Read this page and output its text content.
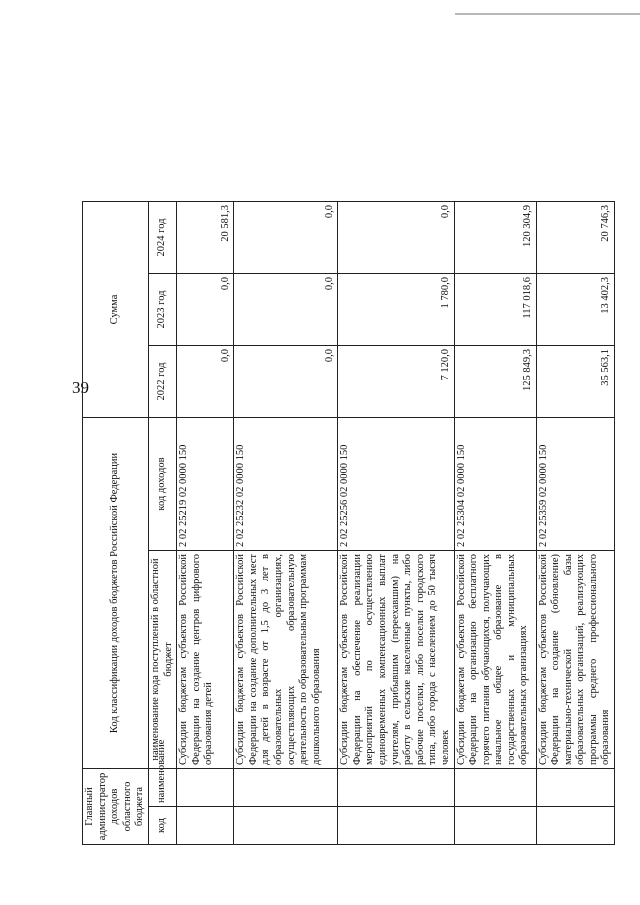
39
Главный администратор доходов областного бюджета		Код классификации доходов бюджетов Российской Федерации		Сумма			
код	наименование	наименование кода поступлений в областной бюджет	код доходов	2022 год	2023 год	2024 год	
		Субсидии бюджетам субъектов Российской Федерации на создание центров цифрового образования детей	2 02 25219 02 0000 150	0,0	0,0	20 581,3	
		Субсидии бюджетам субъектов Российской Федерации на создание дополнительных мест для детей в возрасте от 1,5 до 3 лет в образовательных организациях, осуществляющих образовательную деятельность по образовательным программам дошкольного образования	2 02 25232 02 0000 150	0,0	0,0	0,0	
		Субсидии бюджетам субъектов Российской Федерации на обеспечение реализации мероприятий по осуществлению единовременных компенсационных выплат учителям, прибывшим (переехавшим) на работу в сельские населенные пункты, либо рабочие поселки, либо поселки городского типа, либо города с населением до 50 тысяч человек	2 02 25256 02 0000 150	7 120,0	1 780,0	0,0	
		Субсидии бюджетам субъектов Российской Федерации на организацию бесплатного горячего питания обучающихся, получающих начальное общее образование в государственных и муниципальных образовательных организациях	2 02 25304 02 0000 150	125 849,3	117 018,6	120 304,9	
		Субсидии бюджетам субъектов Российской Федерации на создание (обновление) материально-технической базы образовательных организаций, реализующих программы среднего профессионального образования	2 02 25359 02 0000 150	35 563,1	13 402,3	20 746,3	
